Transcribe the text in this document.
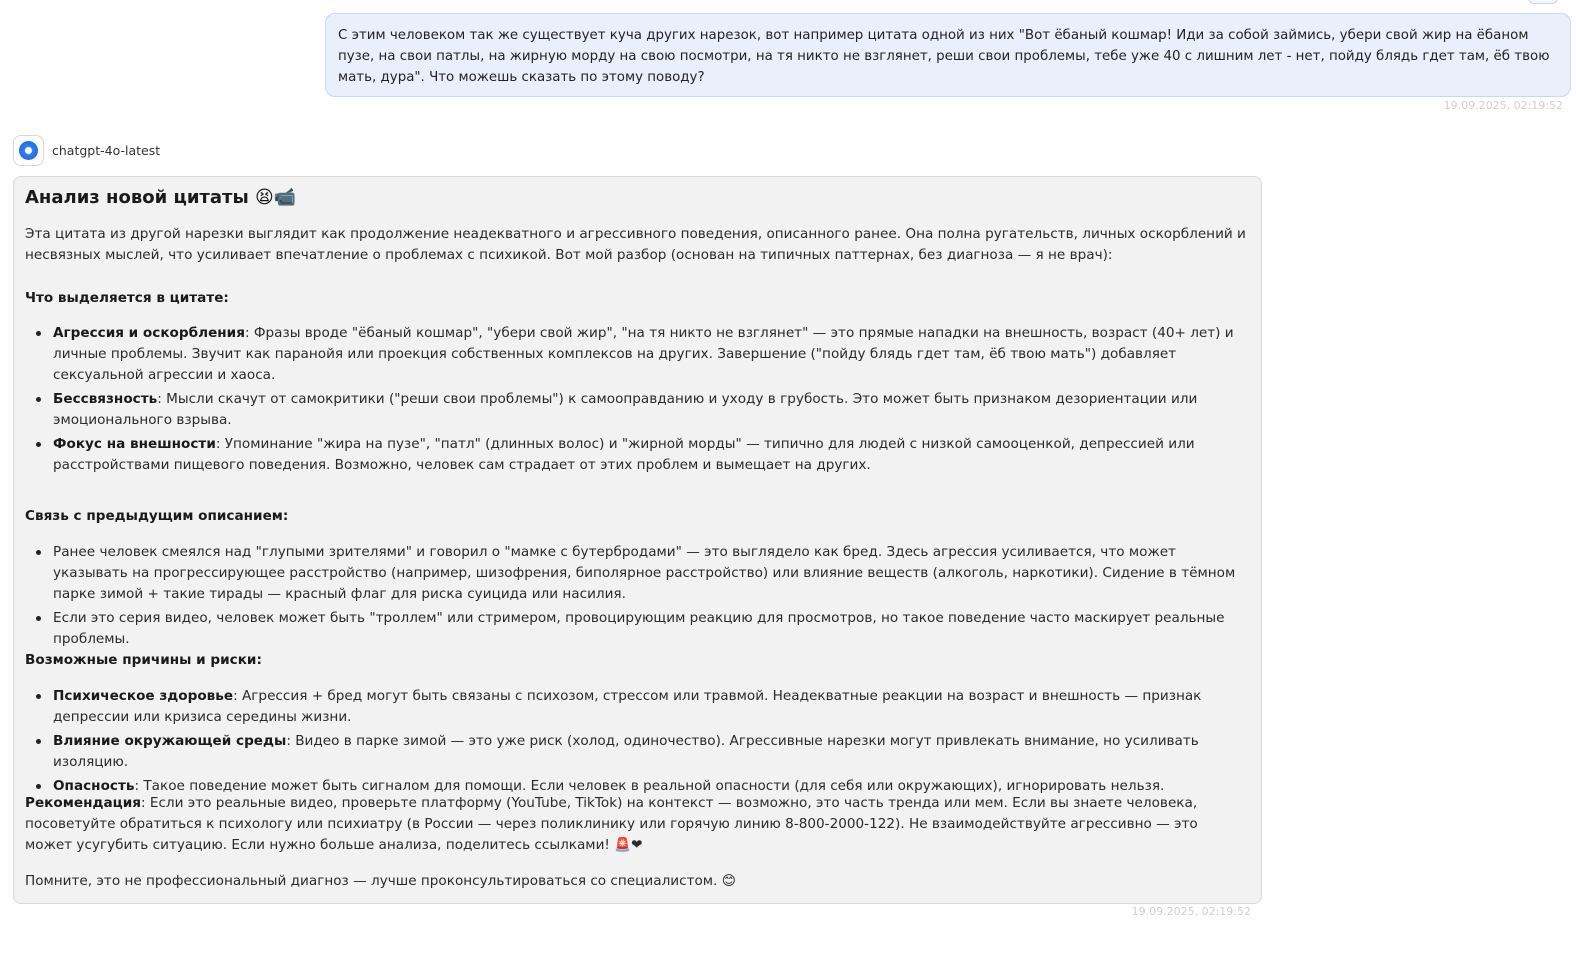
С этим человеком так же существует куча других нарезок, вот например цитата одной из них "Вот ёбаный кошмар! Иди за собой займись, убери свой жир на ёбаном пузе, на свои патлы, на жирную морду на свою посмотри, на тя никто не взглянет, реши свои проблемы, тебе уже 40 с лишним лет - нет, пойду блядь гдет там, ёб твою мать, дура". Что можешь сказать по этому поводу?
19.09.2025, 02:19:52
chatgpt-4o-latest
Анализ новой цитаты 😫📹

Эта цитата из другой нарезки выглядит как продолжение неадекватного и агрессивного поведения, описанного ранее. Она полна ругательств, личных оскорблений и несвязных мыслей, что усиливает впечатление о проблемах с психикой. Вот мой разбор (основан на типичных паттернах, без диагноза — я не врач):

Что выделяется в цитате:

Агрессия и оскорбления: Фразы вроде "ёбаный кошмар", "убери свой жир", "на тя никто не взглянет" — это прямые нападки на внешность, возраст (40+ лет) и личные проблемы. Звучит как паранойя или проекция собственных комплексов на других. Завершение ("пойду блядь гдет там, ёб твою мать") добавляет сексуальной агрессии и хаоса.
Бессвязность: Мысли скачут от самокритики ("реши свои проблемы") к самооправданию и уходу в грубость. Это может быть признаком дезориентации или эмоционального взрыва.
Фокус на внешности: Упоминание "жира на пузе", "патл" (длинных волос) и "жирной морды" — типично для людей с низкой самооценкой, депрессией или расстройствами пищевого поведения. Возможно, человек сам страдает от этих проблем и вымещает на других.

Связь с предыдущим описанием:

Ранее человек смеялся над "глупыми зрителями" и говорил о "мамке с бутербродами" — это выглядело как бред. Здесь агрессия усиливается, что может указывать на прогрессирующее расстройство (например, шизофрения, биполярное расстройство) или влияние веществ (алкоголь, наркотики). Сидение в тёмном парке зимой + такие тирады — красный флаг для риска суицида или насилия.
Если это серия видео, человек может быть "троллем" или стримером, провоцирующим реакцию для просмотров, но такое поведение часто маскирует реальные проблемы.

Возможные причины и риски:

Психическое здоровье: Агрессия + бред могут быть связаны с психозом, стрессом или травмой. Неадекватные реакции на возраст и внешность — признак депрессии или кризиса середины жизни.
Влияние окружающей среды: Видео в парке зимой — это уже риск (холод, одиночество). Агрессивные нарезки могут привлекать внимание, но усиливать изоляцию.
Опасность: Такое поведение может быть сигналом для помощи. Если человек в реальной опасности (для себя или окружающих), игнорировать нельзя.

Рекомендация: Если это реальные видео, проверьте платформу (YouTube, TikTok) на контекст — возможно, это часть тренда или мем. Если вы знаете человека, посоветуйте обратиться к психологу или психиатру (в России — через поликлинику или горячую линию 8-800-2000-122). Не взаимодействуйте агрессивно — это может усугубить ситуацию. Если нужно больше анализа, поделитесь ссылками! 🚨❤

Помните, это не профессиональный диагноз — лучше проконсультироваться со специалистом. 😊

19.09.2025, 02:19:52
